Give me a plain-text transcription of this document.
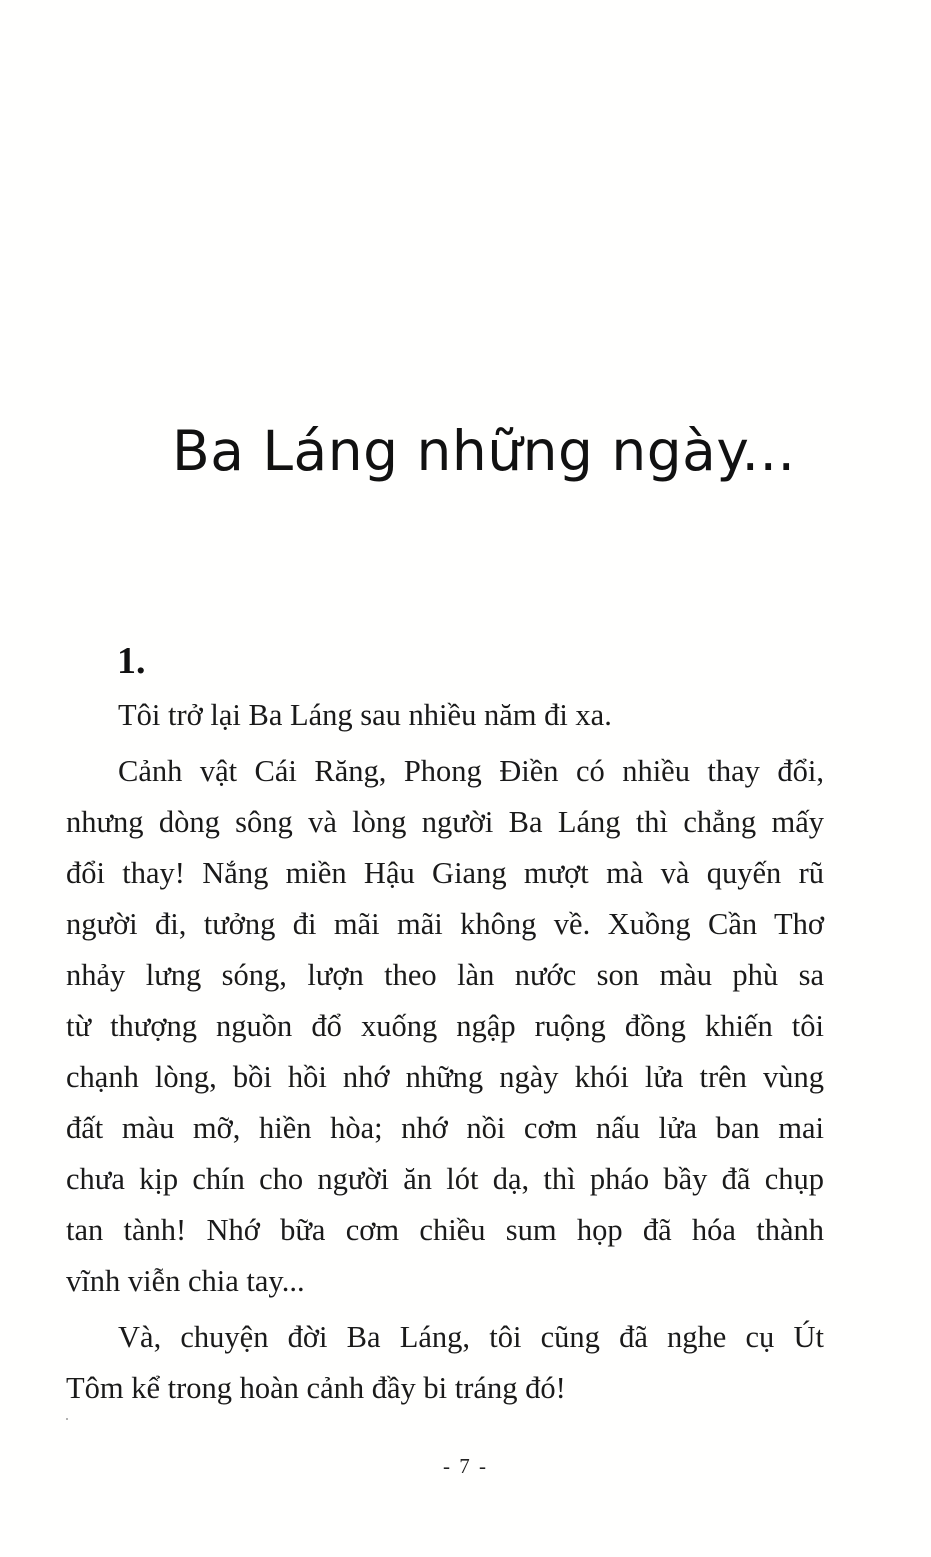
Ba Láng những ngày...
1.

Tôi trở lại Ba Láng sau nhiều năm đi xa.

Cảnh vật Cái Răng, Phong Điền có nhiều thay đổi,
nhưng dòng sông và lòng người Ba Láng thì chẳng mấy
đổi thay! Nắng miền Hậu Giang mượt mà và quyến rũ
người đi, tưởng đi mãi mãi không về. Xuồng Cần Thơ
nhảy lưng sóng, lượn theo làn nước son màu phù sa
từ thượng nguồn đổ xuống ngập ruộng đồng khiến tôi
chạnh lòng, bồi hồi nhớ những ngày khói lửa trên vùng
đất màu mỡ, hiền hòa; nhớ nồi cơm nấu lửa ban mai
chưa kịp chín cho người ăn lót dạ, thì pháo bầy đã chụp
tan tành! Nhớ bữa cơm chiều sum họp đã hóa thành
vĩnh viễn chia tay...

Và, chuyện đời Ba Láng, tôi cũng đã nghe cụ Út
Tôm kể trong hoàn cảnh đầy bi tráng đó!

- 7 -
